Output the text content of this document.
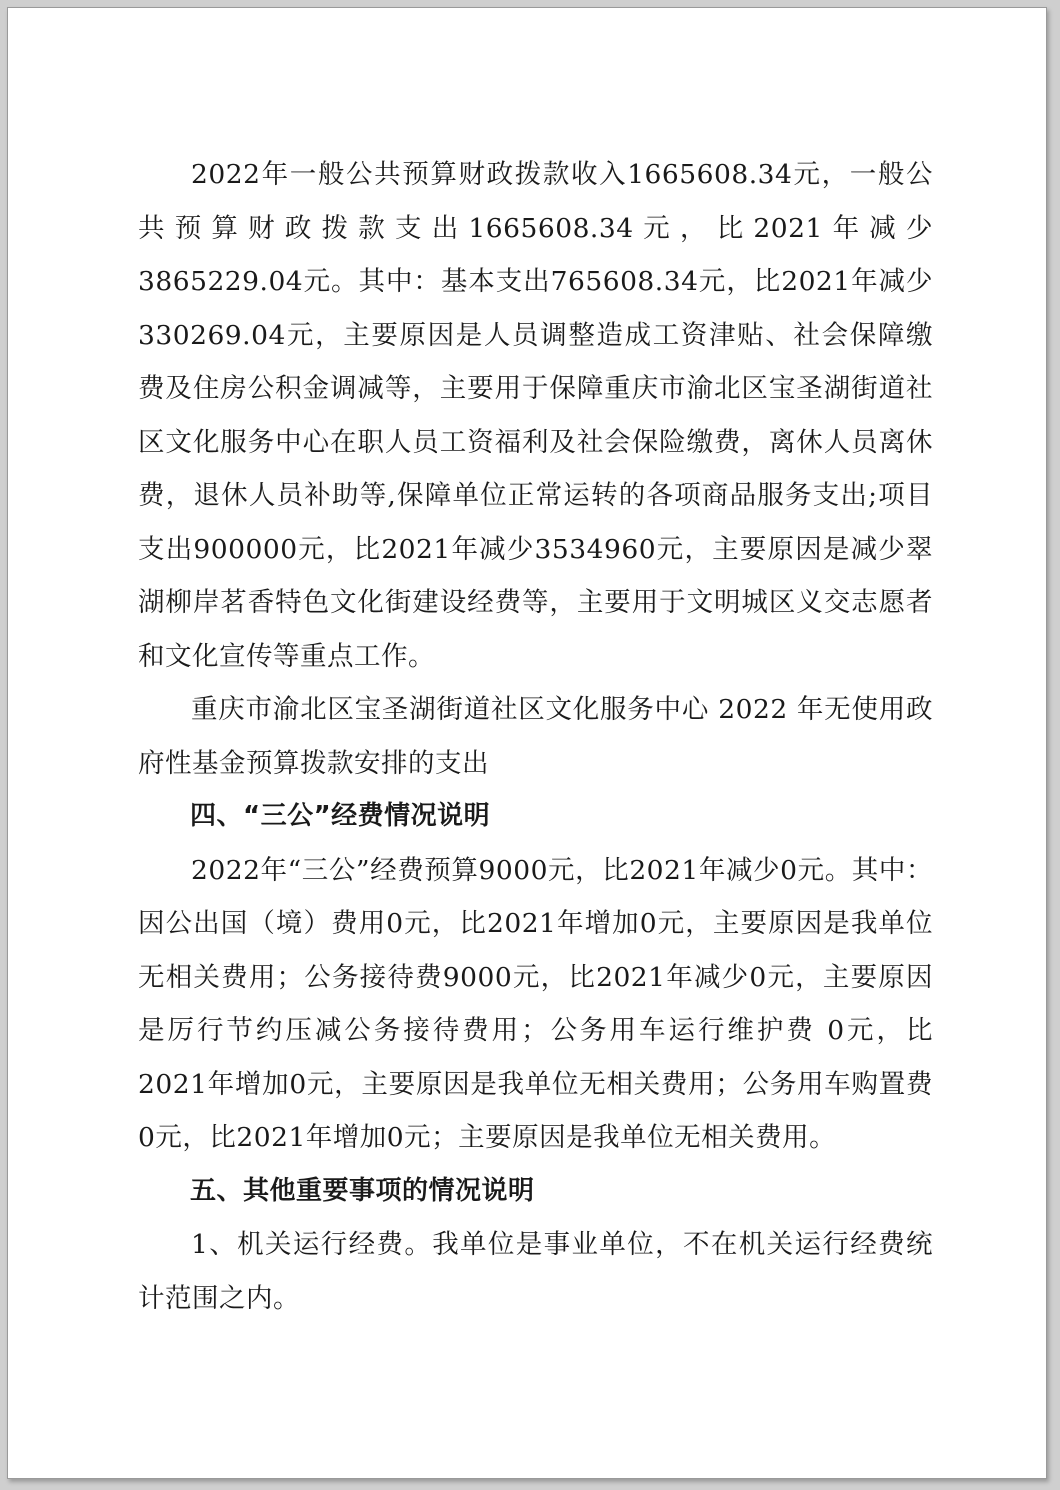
2022年一般公共预算财政拨款收入1665608.34元，一般公共预算财政拨款支出1665608.34元，比2021年减少3865229.04元。其中：基本支出765608.34元，比2021年减少330269.04元，主要原因是人员调整造成工资津贴、社会保障缴费及住房公积金调减等，主要用于保障重庆市渝北区宝圣湖街道社区文化服务中心在职人员工资福利及社会保险缴费，离休人员离休费，退休人员补助等,保障单位正常运转的各项商品服务支出;项目支出900000元，比2021年减少3534960元，主要原因是减少翠湖柳岸茗香特色文化街建设经费等，主要用于文明城区义交志愿者和文化宣传等重点工作。

重庆市渝北区宝圣湖街道社区文化服务中心 2022 年无使用政府性基金预算拨款安排的支出

四、“三公”经费情况说明

2022年“三公”经费预算9000元，比2021年减少0元。其中：因公出国（境）费用0元，比2021年增加0元，主要原因是我单位无相关费用；公务接待费9000元，比2021年减少0元，主要原因是厉行节约压减公务接待费用；公务用车运行维护费 0元，比2021年增加0元，主要原因是我单位无相关费用；公务用车购置费0元，比2021年增加0元；主要原因是我单位无相关费用。

五、其他重要事项的情况说明

1、机关运行经费。我单位是事业单位，不在机关运行经费统计范围之内。
